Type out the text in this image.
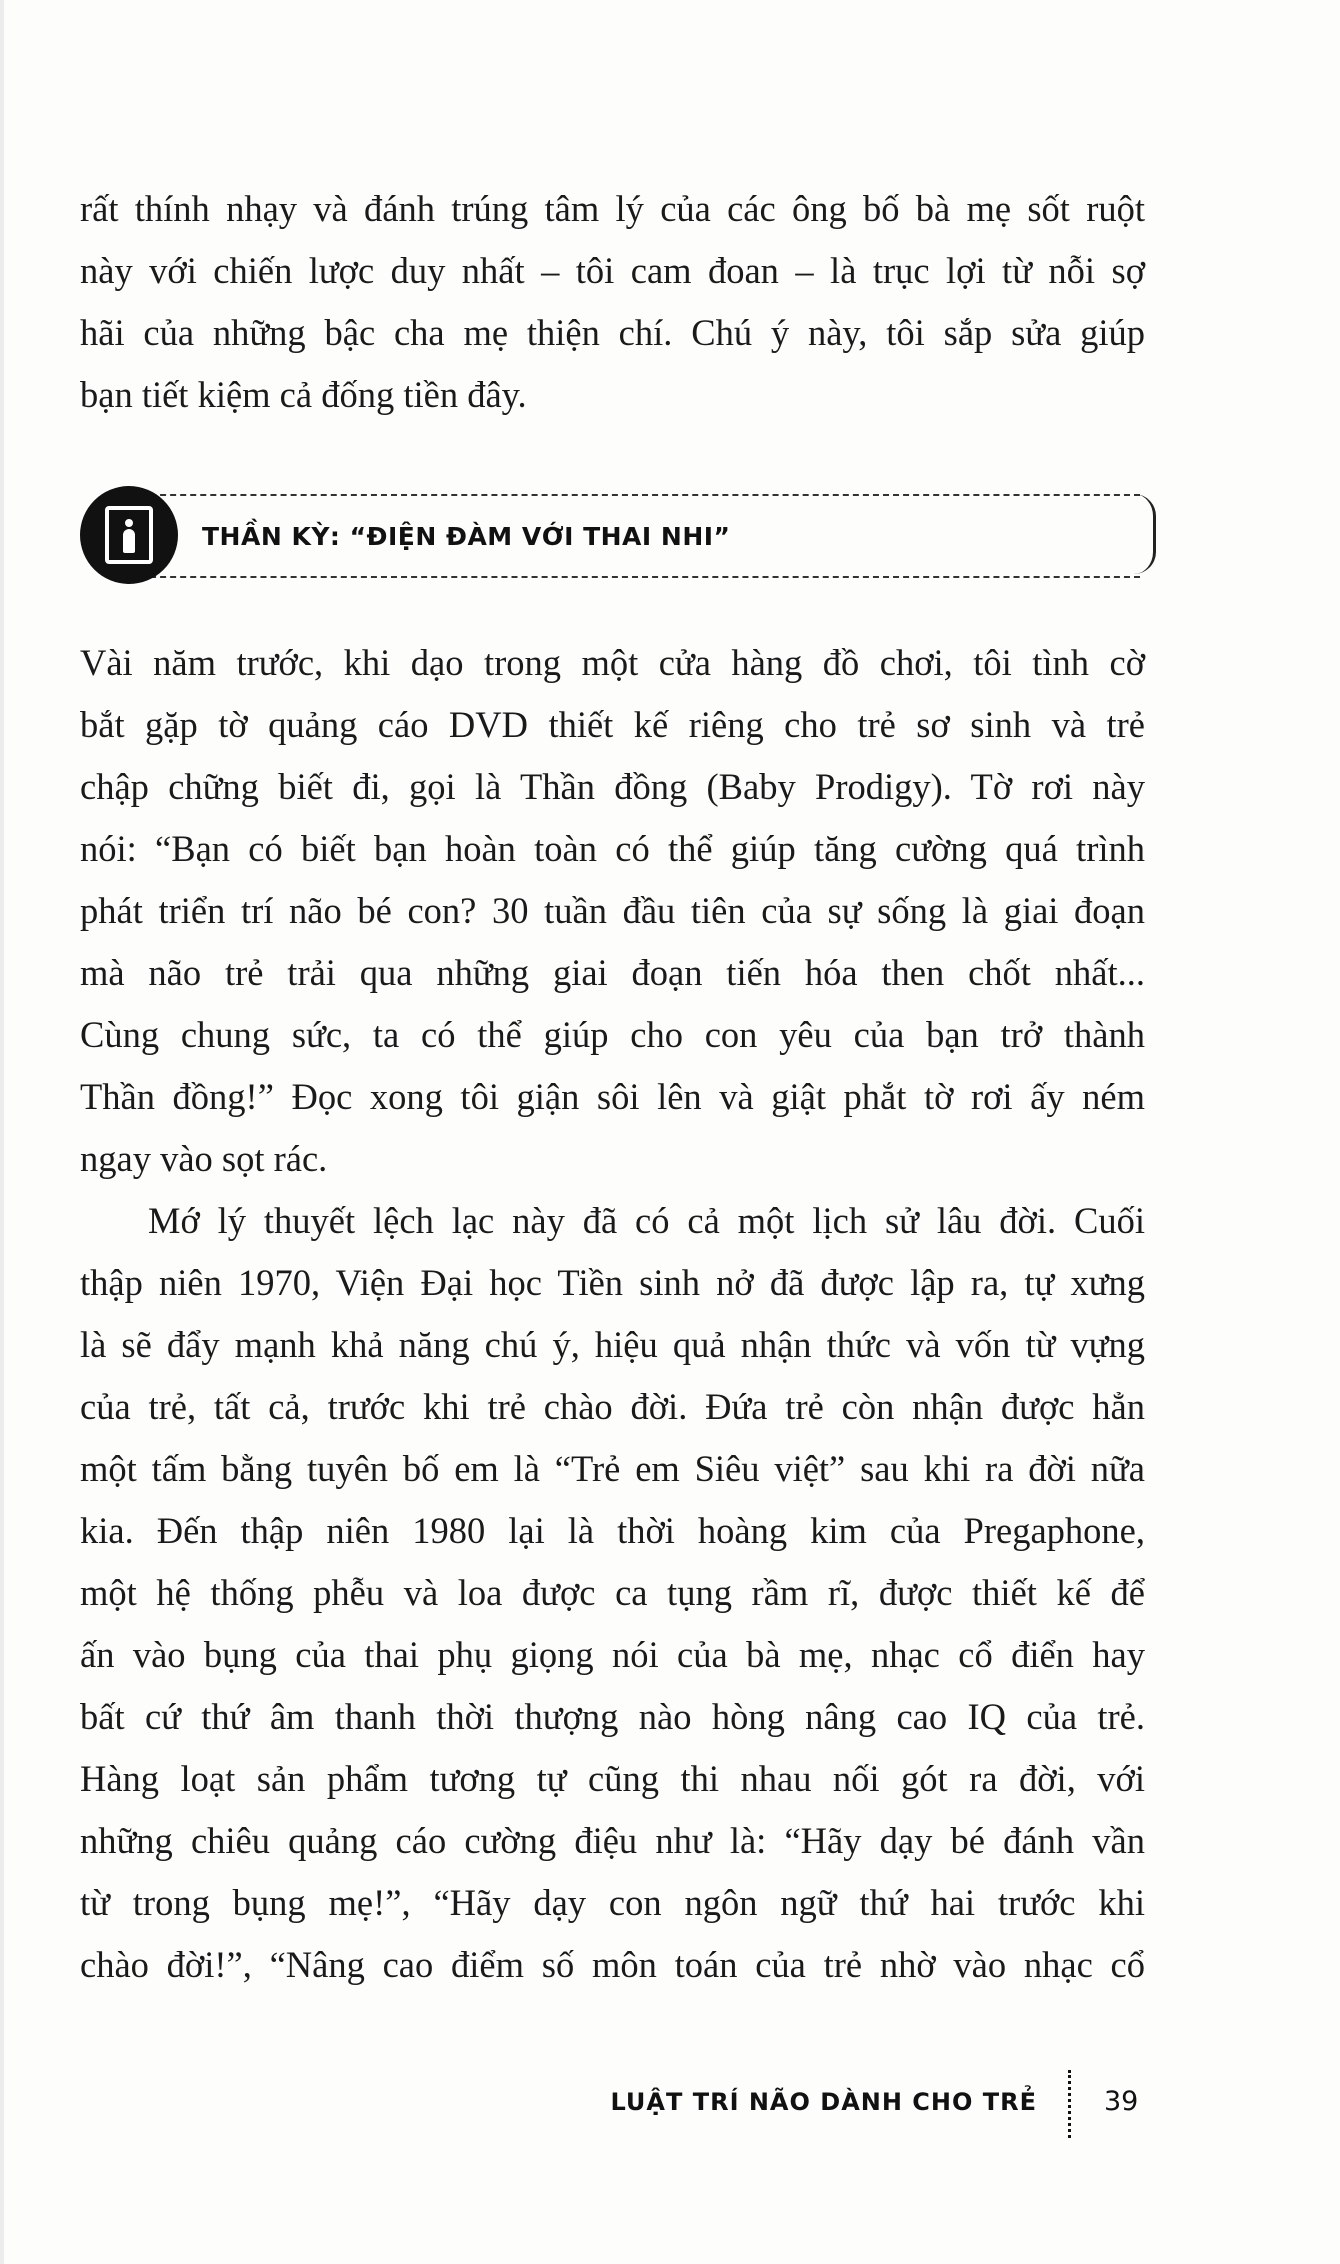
rất thính nhạy và đánh trúng tâm lý của các ông bố bà mẹ sốt ruột
này với chiến lược duy nhất – tôi cam đoan – là trục lợi từ nỗi sợ
hãi của những bậc cha mẹ thiện chí. Chú ý này, tôi sắp sửa giúp
bạn tiết kiệm cả đống tiền đây.
THẦN KỲ: “ĐIỆN ĐÀM VỚI THAI NHI”
Vài năm trước, khi dạo trong một cửa hàng đồ chơi, tôi tình cờ
bắt gặp tờ quảng cáo DVD thiết kế riêng cho trẻ sơ sinh và trẻ
chập chững biết đi, gọi là Thần đồng (Baby Prodigy). Tờ rơi này
nói: “Bạn có biết bạn hoàn toàn có thể giúp tăng cường quá trình
phát triển trí não bé con? 30 tuần đầu tiên của sự sống là giai đoạn
mà não trẻ trải qua những giai đoạn tiến hóa then chốt nhất...
Cùng chung sức, ta có thể giúp cho con yêu của bạn trở thành
Thần đồng!” Đọc xong tôi giận sôi lên và giật phắt tờ rơi ấy ném
ngay vào sọt rác.
Mớ lý thuyết lệch lạc này đã có cả một lịch sử lâu đời. Cuối
thập niên 1970, Viện Đại học Tiền sinh nở đã được lập ra, tự xưng
là sẽ đẩy mạnh khả năng chú ý, hiệu quả nhận thức và vốn từ vựng
của trẻ, tất cả, trước khi trẻ chào đời. Đứa trẻ còn nhận được hẳn
một tấm bằng tuyên bố em là “Trẻ em Siêu việt” sau khi ra đời nữa
kia. Đến thập niên 1980 lại là thời hoàng kim của Pregaphone,
một hệ thống phễu và loa được ca tụng rầm rĩ, được thiết kế để
ấn vào bụng của thai phụ giọng nói của bà mẹ, nhạc cổ điển hay
bất cứ thứ âm thanh thời thượng nào hòng nâng cao IQ của trẻ.
Hàng loạt sản phẩm tương tự cũng thi nhau nối gót ra đời, với
những chiêu quảng cáo cường điệu như là: “Hãy dạy bé đánh vần
từ trong bụng mẹ!”, “Hãy dạy con ngôn ngữ thứ hai trước khi
chào đời!”, “Nâng cao điểm số môn toán của trẻ nhờ vào nhạc cổ
LUẬT TRÍ NÃO DÀNH CHO TRẺ 39
